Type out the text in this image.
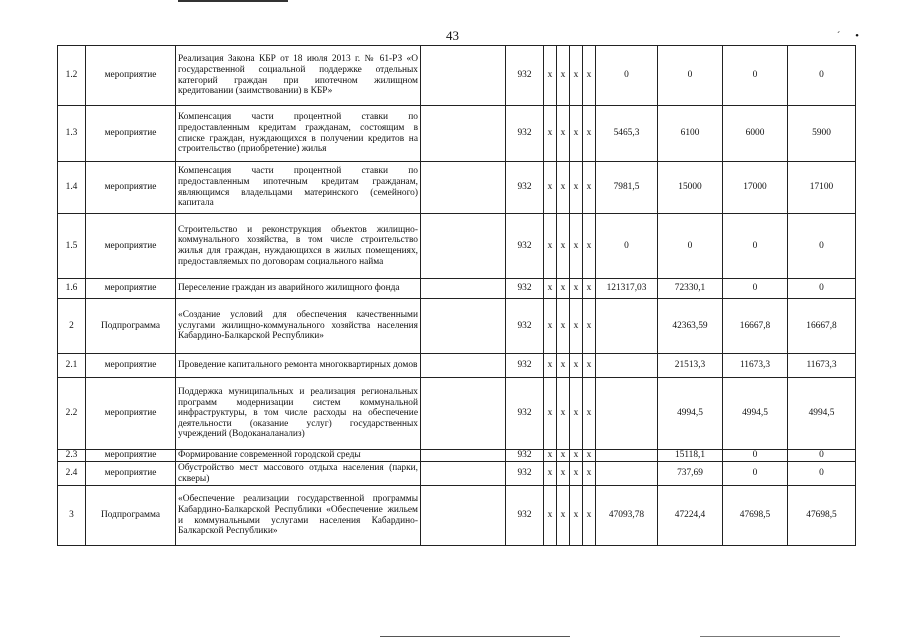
43	´ •
1.2	мероприятие	Реализация Закона КБР от 18 июля 2013 г. № 61-РЗ «О государственной социальной поддержке отдельных категорий граждан при ипотечном жилищном кредитовании (заимствовании) в КБР»		932	x	x	x	x	0	0	0	0
1.3	мероприятие	Компенсация части процентной ставки по предоставленным кредитам гражданам, состоящим в списке граждан, нуждающихся в получении кредитов на строительство (приобретение) жилья		932	x	x	x	x	5465,3	6100	6000	5900
1.4	мероприятие	Компенсация части процентной ставки по предоставленным ипотечным кредитам гражданам, являющимся владельцами материнского (семейного) капитала		932	x	x	x	x	7981,5	15000	17000	17100
1.5	мероприятие	Строительство и реконструкция объектов жилищно-коммунального хозяйства, в том числе строительство жилья для граждан, нуждающихся в жилых помещениях, предоставляемых по договорам социального найма		932	x	x	x	x	0	0	0	0
1.6	мероприятие	Переселение граждан из аварийного жилищного фонда		932	x	x	x	x	121317,03	72330,1	0	0
2	Подпрограмма	«Создание условий для обеспечения качественными услугами жилищно-коммунального хозяйства населения Кабардино-Балкарской Республики»		932	x	x	x	x		42363,59	16667,8	16667,8
2.1	мероприятие	Проведение капитального ремонта многоквартирных домов		932	x	x	x	x		21513,3	11673,3	11673,3
2.2	мероприятие	Поддержка муниципальных и реализация региональных программ модернизации систем коммунальной инфраструктуры, в том числе расходы на обеспечение деятельности (оказание услуг) государственных учреждений (Водоканаланализ)		932	x	x	x	x		4994,5	4994,5	4994,5
2.3	мероприятие	Формирование современной городской среды		932	x	x	x	x		15118,1	0	0
2.4	мероприятие	Обустройство мест массового отдыха населения (парки, скверы)		932	x	x	x	x		737,69	0	0
3	Подпрограмма	«Обеспечение реализации государственной программы Кабардино-Балкарской Республики «Обеспечение жильем и коммунальными услугами населения Кабардино-Балкарской Республики»		932	x	x	x	x	47093,78	47224,4	47698,5	47698,5
